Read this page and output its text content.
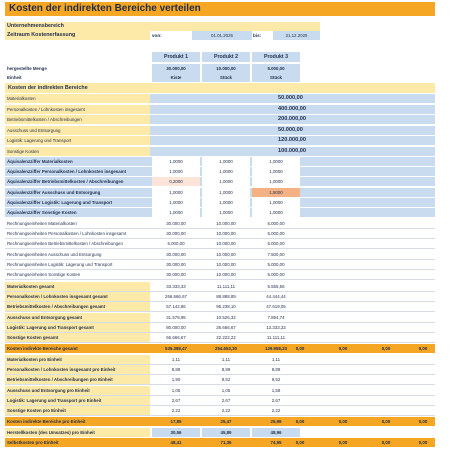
Kosten der indirekten Bereiche verteilen
Unternehmensbereich
Zeitraum Kostenerfassung	von:	01.01.2025	bis:	31.12.2025
Produkt 1	Produkt 2	Produkt 3
hergestellte Menge	30.000,00	10.000,00	5.000,00
Einheit	Kiste	Stück	Stück
Kosten der indirekten Bereiche
Materialkosten	50.000,00
Personalkosten / Lohnkosten insgesamt	400.000,00
Betriebsmittelkosten / Abschreibungen	200.000,00
Ausschuss und Entsorgung	50.000,00
Logistik: Lagerung und Transport	120.000,00
Sonstige Kosten	100.000,00
Äquivalenzziffer Materialkosten	1,0000	1,0000	1,0000
Äquivalenzziffer Personalkosten / Lohnkosten insgesamt	1,0000	1,0000	1,0000
Äquivalenzziffer Betriebsmittelkosten / Abschreibungen	0,2000	1,0000	1,0000
Äquivalenzziffer Ausschuss und Entsorgung	1,0000	1,0000	1,5000
Äquivalenzziffer Logistik: Lagerung und Transport	1,0000	1,0000	1,0000
Äquivalenzziffer Sonstige Kosten	1,0000	1,0000	1,0000
Rechnungseinheiten Materialkosten	30.000,00	10.000,00	5.000,00
Rechnungseinheiten Personalkosten / Lohnkosten insgesamt	30.000,00	10.000,00	5.000,00
Rechnungseinheiten Betriebsmittelkosten / Abschreibungen	6.000,00	10.000,00	5.000,00
Rechnungseinheiten Ausschuss und Entsorgung	30.000,00	10.000,00	7.500,00
Rechnungseinheiten Logistik: Lagerung und Transport	30.000,00	10.000,00	5.000,00
Rechnungseinheiten Sonstige Kosten	30.000,00	10.000,00	5.000,00
Materialkosten gesamt	33.333,33	11.111,11	5.555,56
Personalkosten / Lohnkosten insgesamt gesamt	266.666,67	88.888,89	44.444,44
Betriebsmittelkosten / Abschreibungen gesamt	57.142,86	95.238,10	47.619,05
Ausschuss und Entsorgung gesamt	31.578,95	10.526,32	7.894,74
Logistik: Lagerung und Transport gesamt	80.000,00	26.666,67	13.333,33
Sonstige Kosten gesamt	66.666,67	22.222,22	11.111,11
Kosten indirekte Bereiche gesamt	535.388,47	254.653,30	129.958,23	0,00	0,00	0,00	0,00
Materialkosten pro Einheit	1,11	1,11	1,11
Personalkosten / Lohnkosten insgesamt pro Einheit	8,89	8,89	8,89
Betriebsmittelkosten / Abschreibungen pro Einheit	1,90	9,52	9,52
Ausschuss und Entsorgung pro Einheit	1,05	1,05	1,58
Logistik: Lagerung und Transport pro Einheit	2,67	2,67	2,67
Sonstige Kosten pro Einheit	2,22	2,22	2,22
Kosten indirekte Bereiche pro Einheit	17,85	25,47	25,99	0,00	0,00	0,00	0,00
Herstellkosten (des Umsatzes) pro Einheit	30,56	45,89	48,96
Selbstkosten pro Einheit	48,41	71,36	74,95	0,00	0,00	0,00	0,00
